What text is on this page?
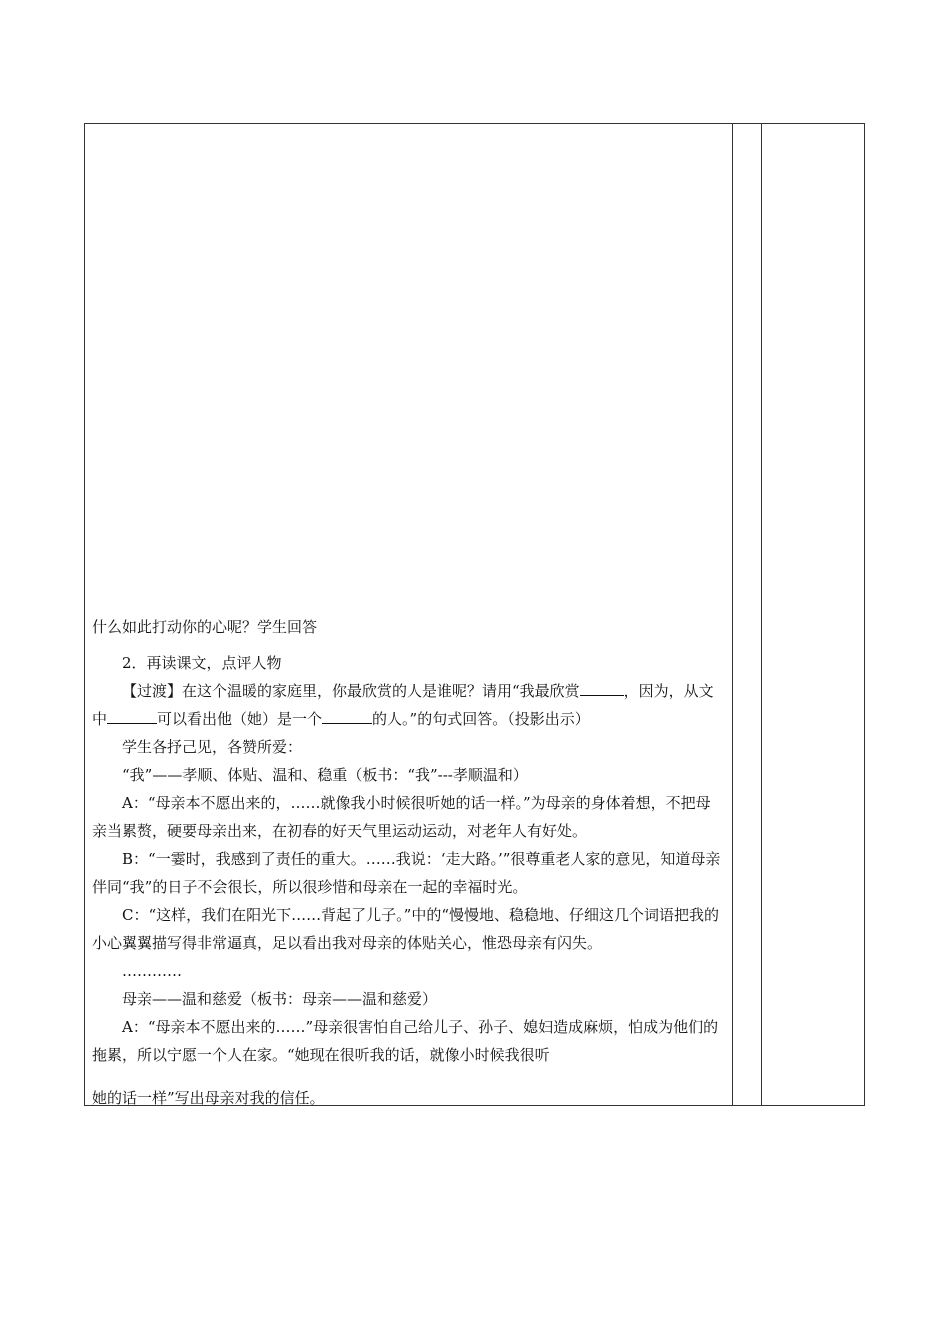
什么如此打动你的心呢？学生回答

2．再读课文，点评人物

【过渡】在这个温暖的家庭里，你最欣赏的人是谁呢？请用“我最欣赏	，因为，从文中	可以看出他（她）是一个	的人。”的句式回答。（投影出示）

学生各抒己见，各赞所爱：

“我”——孝顺、体贴、温和、稳重（板书：“我”---孝顺温和）

A：“母亲本不愿出来的，……就像我小时候很听她的话一样。”为母亲的身体着想，不把母亲当累赘，硬要母亲出来，在初春的好天气里运动运动，对老年人有好处。

B：“一霎时，我感到了责任的重大。……我说：‘走大路。’”很尊重老人家的意见，知道母亲伴同“我”的日子不会很长，所以很珍惜和母亲在一起的幸福时光。

C：“这样，我们在阳光下……背起了儿子。”中的“慢慢地、稳稳地、仔细这几个词语把我的小心翼翼描写得非常逼真，足以看出我对母亲的体贴关心，惟恐母亲有闪失。

…………

母亲——温和慈爱（板书：母亲——温和慈爱）

A：“母亲本不愿出来的……”母亲很害怕自己给儿子、孙子、媳妇造成麻烦，怕成为他们的拖累，所以宁愿一个人在家。“她现在很听我的话，就像小时候我很听

她的话一样”写出母亲对我的信任。
